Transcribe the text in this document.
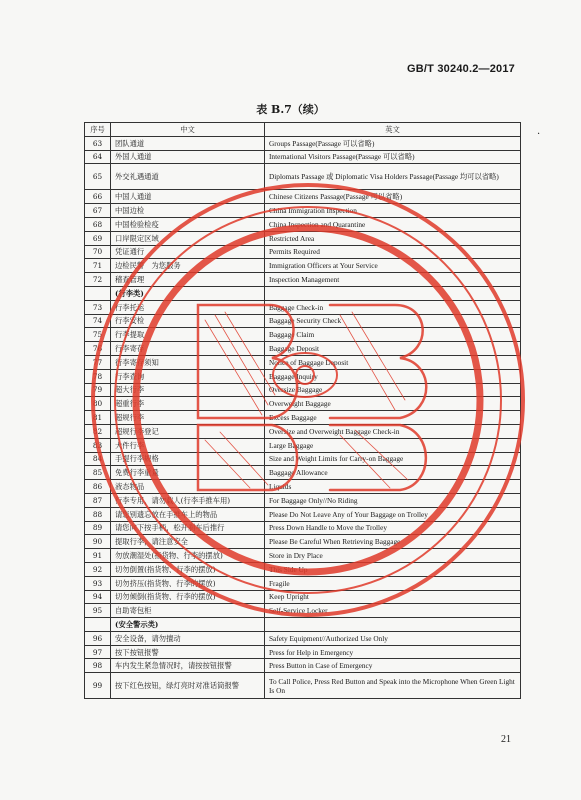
GB/T 30240.2—2017
表 B.7（续）
.
序号	中文	英文
63	团队通道	Groups Passage(Passage 可以省略)
64	外国人通道	International Visitors Passage(Passage 可以省略)
65	外交礼遇通道	Diplomats Passage 或 Diplomatic Visa Holders Passage(Passage 均可以省略)
66	中国人通道	Chinese Citizens Passage(Passage 可以省略)
67	中国边检	China Immigration Inspection
68	中国检验检疫	China Inspection and Quarantine
69	口岸限定区域	Restricted Area
70	凭证通行	Permits Required
71	边检民警　为您服务	Immigration Officers at Your Service
72	稽查管理	Inspection Management
	(行李类)	
73	行李托运	Baggage Check-in
74	行李安检	Baggage Security Check
75	行李提取	Baggage Claim
76	行李寄存	Baggage Deposit
77	行李寄存须知	Notice of Baggage Deposit
78	行李查询	Baggage Inquiry
79	超大行李	Oversize Baggage
80	超重行李	Overweight Baggage
81	超规行李	Excess Baggage
82	超规行李登记	Oversize and Overweight Baggage Check-in
83	大件行李	Large Baggage
84	手提行李规格	Size and Weight Limits for Carry-on Baggage
85	免费行李重量	Baggage Allowance
86	液态物品	Liquids
87	行李专用，请勿载人(行李手推车用)	For Baggage Only//No Riding
88	请您别遗忘放在手推车上的物品	Please Do Not Leave Any of Your Baggage on Trolley
89	请您向下按手柄，松开刹车后推行	Press Down Handle to Move the Trolley
90	提取行李，请注意安全	Please Be Careful When Retrieving Baggage
91	勿放潮湿处(指货物、行李的摆放)	Store in Dry Place
92	切勿倒置(指货物、行李的摆放)	This Side Up
93	切勿挤压(指货物、行李的摆放)	Fragile
94	切勿倾倒(指货物、行李的摆放)	Keep Upright
95	自助寄包柜	Self-Service Locker
	(安全警示类)	
96	安全设备，请勿擅动	Safety Equipment//Authorized Use Only
97	按下按钮报警	Press for Help in Emergency
98	车内发生紧急情况时，请按按钮报警	Press Button in Case of Emergency
99	按下红色按钮，绿灯亮时对准话筒报警	To Call Police, Press Red Button and Speak into the Microphone When Green Light Is On
21
